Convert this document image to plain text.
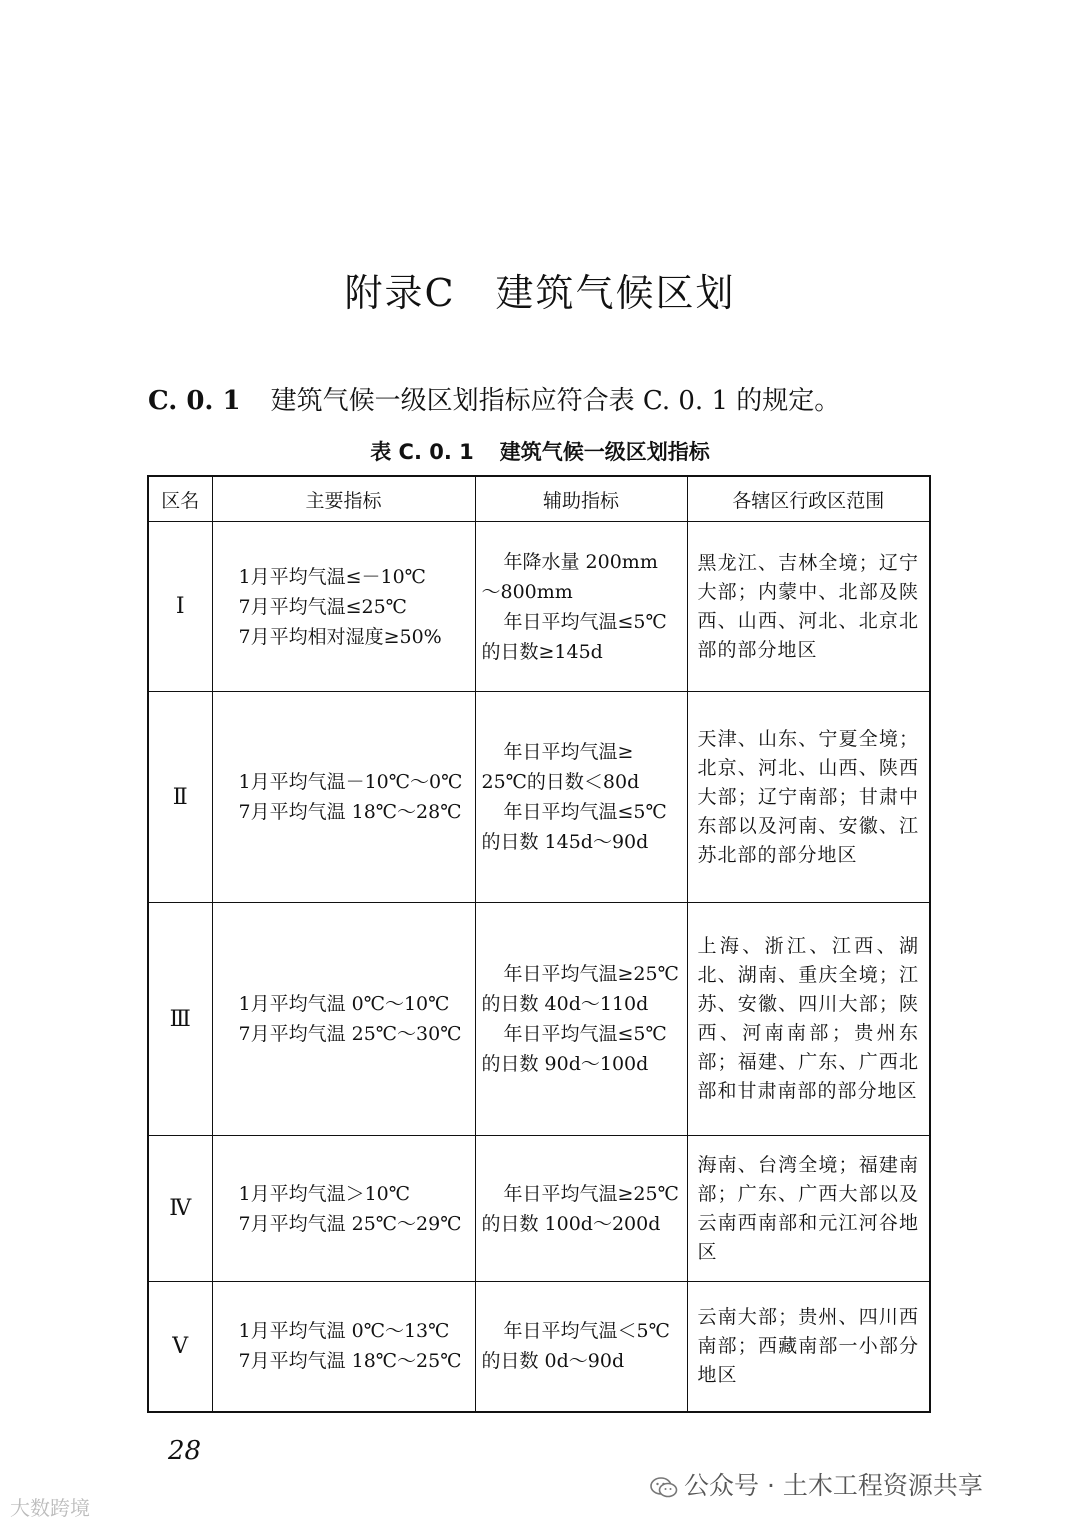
附录C　建筑气候区划
C. 0. 1 建筑气候一级区划指标应符合表 C. 0. 1 的规定。
表 C. 0. 1 建筑气候一级区划指标
区名	主要指标	辅助指标	各辖区行政区范围
Ⅰ	1月平均气温≤－10℃
7月平均气温≤25℃
7月平均相对湿度≥50%	年降水量 200mm
～800mm
年日平均气温≤5℃
的日数≥145d	黑龙江、吉林全境；辽宁大部；内蒙中、北部及陕西、山西、河北、北京北部的部分地区
Ⅱ	1月平均气温－10℃～0℃
7月平均气温 18℃～28℃	年日平均气温≥
25℃的日数＜80d
年日平均气温≤5℃
的日数 145d～90d	天津、山东、宁夏全境；北京、河北、山西、陕西大部；辽宁南部；甘肃中东部以及河南、安徽、江苏北部的部分地区
Ⅲ	1月平均气温 0℃～10℃
7月平均气温 25℃～30℃	年日平均气温≥25℃
的日数 40d～110d
年日平均气温≤5℃
的日数 90d～100d	上海、浙江、江西、湖北、湖南、重庆全境；江苏、安徽、四川大部；陕西、河南南部；贵州东部；福建、广东、广西北部和甘肃南部的部分地区
Ⅳ	1月平均气温＞10℃
7月平均气温 25℃～29℃	年日平均气温≥25℃
的日数 100d～200d	海南、台湾全境；福建南部；广东、广西大部以及云南西南部和元江河谷地区
Ⅴ	1月平均气温 0℃～13℃
7月平均气温 18℃～25℃	年日平均气温＜5℃
的日数 0d～90d	云南大部；贵州、四川西南部；西藏南部一小部分地区
28
公众号 · 土木工程资源共享
大数跨境
